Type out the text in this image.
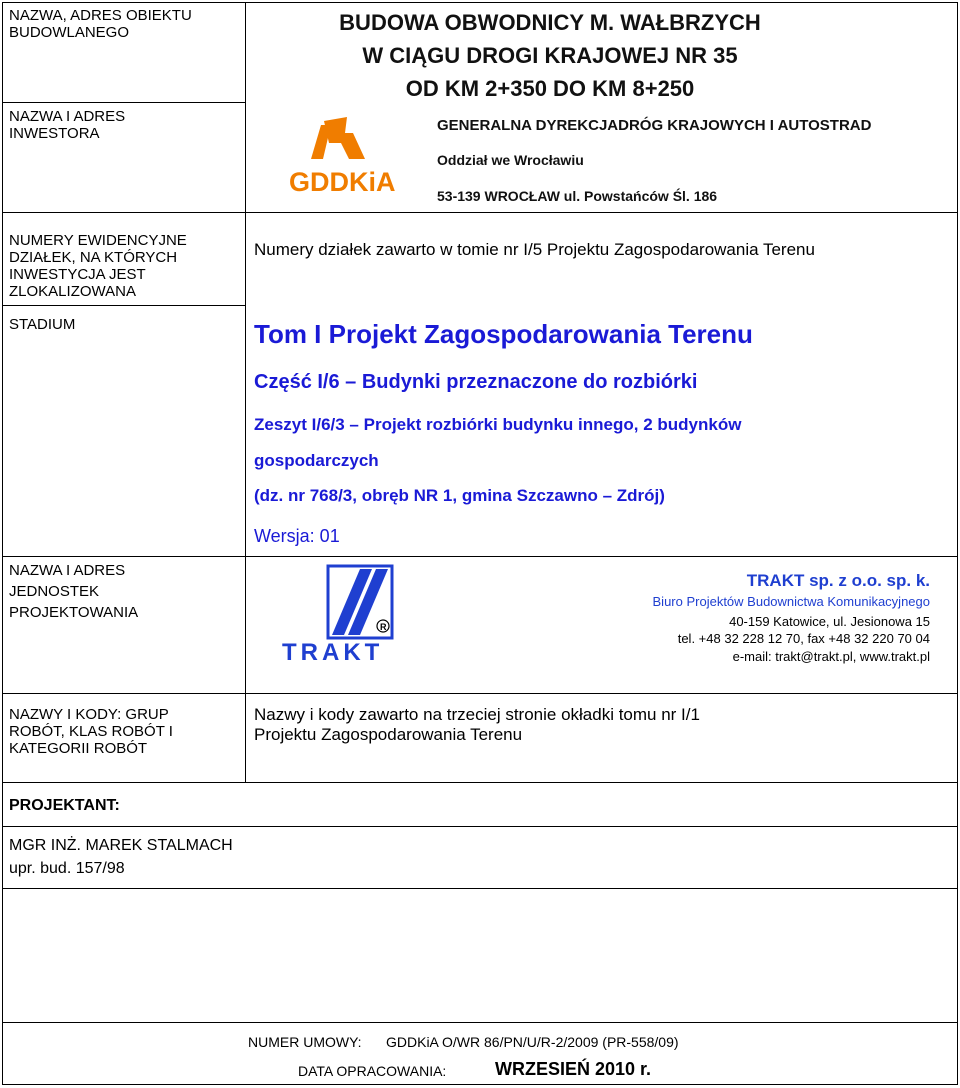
NAZWA, ADRES OBIEKTU BUDOWLANEGO
NAZWA I ADRES INWESTORA
NUMERY EWIDENCYJNE DZIAŁEK, NA KTÓRYCH INWESTYCJA JEST ZLOKALIZOWANA
STADIUM
NAZWA I ADRES JEDNOSTEK PROJEKTOWANIA
NAZWY I KODY: GRUP ROBÓT, KLAS ROBÓT I KATEGORII ROBÓT
BUDOWA OBWODNICY M. WAŁBRZYCH
W CIĄGU DROGI KRAJOWEJ NR 35
OD KM 2+350 DO KM 8+250
GDDKiA
GENERALNA DYREKCJADRÓG KRAJOWYCH I AUTOSTRAD
Oddział we Wrocławiu
53-139 WROCŁAW ul. Powstańców Śl. 186
Numery działek zawarto w tomie nr I/5 Projektu Zagospodarowania Terenu
Tom I Projekt Zagospodarowania Terenu
Część I/6 – Budynki przeznaczone do rozbiórki
Zeszyt I/6/3 – Projekt rozbiórki budynku innego, 2 budynków
gospodarczych
(dz. nr 768/3, obręb NR 1, gmina Szczawno – Zdrój)
Wersja: 01
R
TRAKT
TRAKT sp. z o.o. sp. k.
Biuro Projektów Budownictwa Komunikacyjnego
40-159 Katowice, ul. Jesionowa 15
tel. +48 32 228 12 70, fax +48 32 220 70 04
e-mail: trakt@trakt.pl, www.trakt.pl
Nazwy i kody zawarto na trzeciej stronie okładki tomu nr I/1
Projektu Zagospodarowania Terenu
PROJEKTANT:
MGR INŻ. MAREK STALMACH
upr. bud. 157/98
NUMER UMOWY: GDDKiA O/WR 86/PN/U/R-2/2009 (PR-558/09)
DATA OPRACOWANIA:	WRZESIEŃ 2010 r.
